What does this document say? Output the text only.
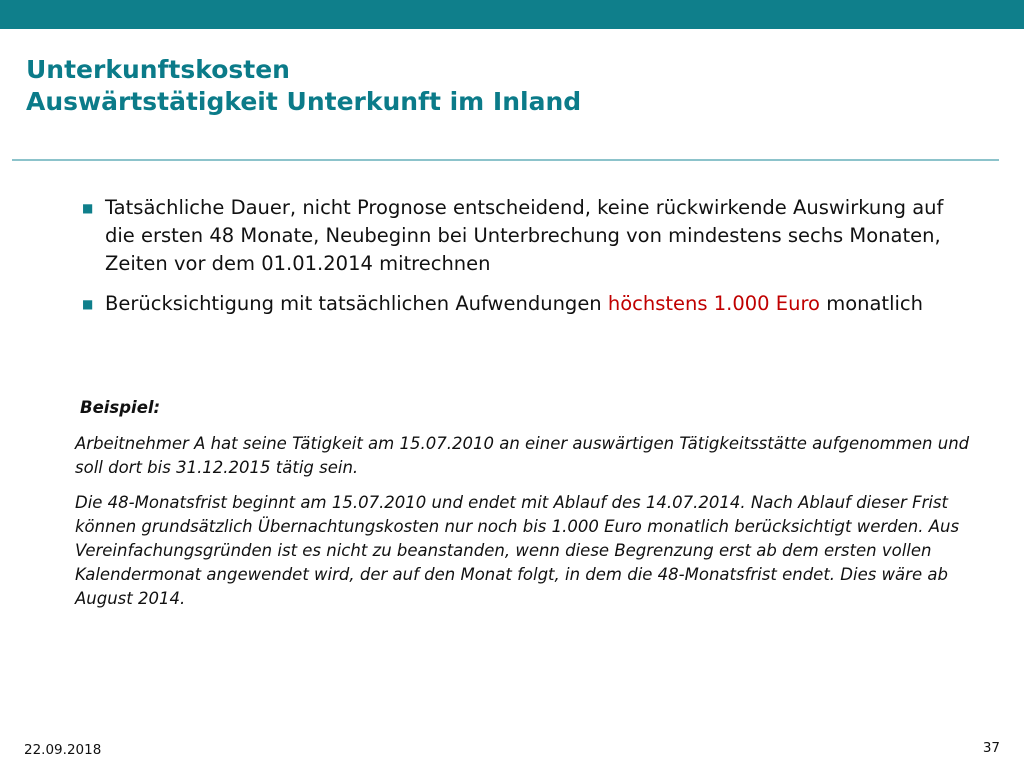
Unterkunftskosten
Auswärtstätigkeit Unterkunft im Inland
■ Tatsächliche Dauer, nicht Prognose entscheidend, keine rückwirkende Auswirkung auf die ersten 48 Monate, Neubeginn bei Unterbrechung von mindestens sechs Monaten, Zeiten vor dem 01.01.2014 mitrechnen
■ Berücksichtigung mit tatsächlichen Aufwendungen höchstens 1.000 Euro monatlich
Beispiel:

Arbeitnehmer A hat seine Tätigkeit am 15.07.2010 an einer auswärtigen Tätigkeitsstätte aufgenommen und soll dort bis 31.12.2015 tätig sein.

Die 48-Monatsfrist beginnt am 15.07.2010 und endet mit Ablauf des 14.07.2014. Nach Ablauf dieser Frist können grundsätzlich Übernachtungskosten nur noch bis 1.000 Euro monatlich berücksichtigt werden. Aus Vereinfachungsgründen ist es nicht zu beanstanden, wenn diese Begrenzung erst ab dem ersten vollen Kalendermonat angewendet wird, der auf den Monat folgt, in dem die 48-Monatsfrist endet. Dies wäre ab August 2014.

22.09.2018	37
